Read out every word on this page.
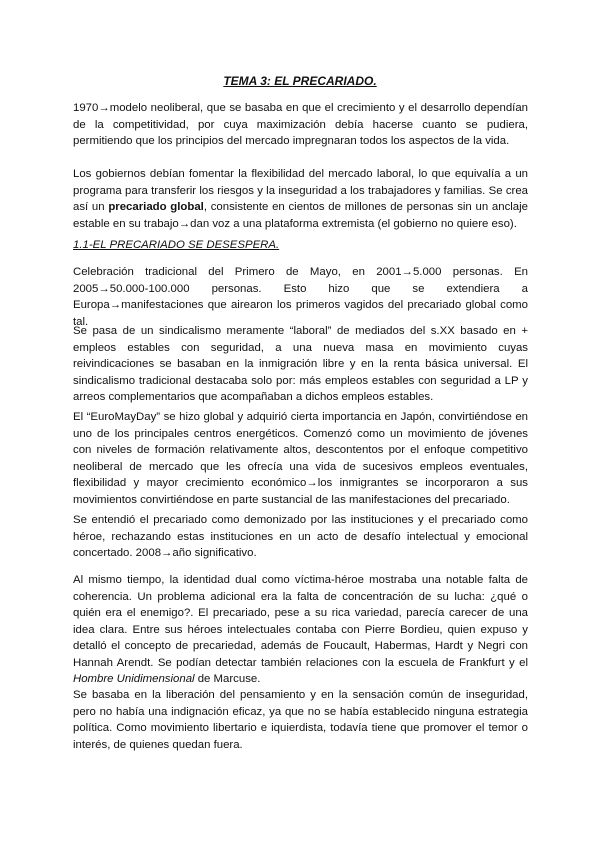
TEMA 3: EL PRECARIADO.

1970→modelo neoliberal, que se basaba en que el crecimiento y el desarrollo dependían de la competitividad, por cuya maximización debía hacerse cuanto se pudiera, permitiendo que los principios del mercado impregnaran todos los aspectos de la vida.

Los gobiernos debían fomentar la flexibilidad del mercado laboral, lo que equivalía a un programa para transferir los riesgos y la inseguridad a los trabajadores y familias. Se crea así un precariado global, consistente en cientos de millones de personas sin un anclaje estable en su trabajo→dan voz a una plataforma extremista (el gobierno no quiere eso).

1.1-EL PRECARIADO SE DESESPERA.

Celebración tradicional del Primero de Mayo, en 2001→5.000 personas. En 2005→50.000-100.000 personas. Esto hizo que se extendiera a Europa→manifestaciones que airearon los primeros vagidos del precariado global como tal.

Se pasa de un sindicalismo meramente “laboral” de mediados del s.XX basado en + empleos estables con seguridad, a una nueva masa en movimiento cuyas reivindicaciones se basaban en la inmigración libre y en la renta básica universal. El sindicalismo tradicional destacaba solo por: más empleos estables con seguridad a LP y arreos complementarios que acompañaban a dichos empleos estables.

El “EuroMayDay” se hizo global y adquirió cierta importancia en Japón, convirtiéndose en uno de los principales centros energéticos. Comenzó como un movimiento de jóvenes con niveles de formación relativamente altos, descontentos por el enfoque competitivo neoliberal de mercado que les ofrecía una vida de sucesivos empleos eventuales, flexibilidad y mayor crecimiento económico→los inmigrantes se incorporaron a sus movimientos convirtiéndose en parte sustancial de las manifestaciones del precariado.

Se entendió el precariado como demonizado por las instituciones y el precariado como héroe, rechazando estas instituciones en un acto de desafío intelectual y emocional concertado. 2008→año significativo.

Al mismo tiempo, la identidad dual como víctima-héroe mostraba una notable falta de coherencia. Un problema adicional era la falta de concentración de su lucha: ¿qué o quién era el enemigo?. El precariado, pese a su rica variedad, parecía carecer de una idea clara. Entre sus héroes intelectuales contaba con Pierre Bordieu, quien expuso y detalló el concepto de precariedad, además de Foucault, Habermas, Hardt y Negri con Hannah Arendt. Se podían detectar también relaciones con la escuela de Frankfurt y el Hombre Unidimensional de Marcuse.

Se basaba en la liberación del pensamiento y en la sensación común de inseguridad, pero no había una indignación eficaz, ya que no se había establecido ninguna estrategia política. Como movimiento libertario e iquierdista, todavía tiene que promover el temor o interés, de quienes quedan fuera.
